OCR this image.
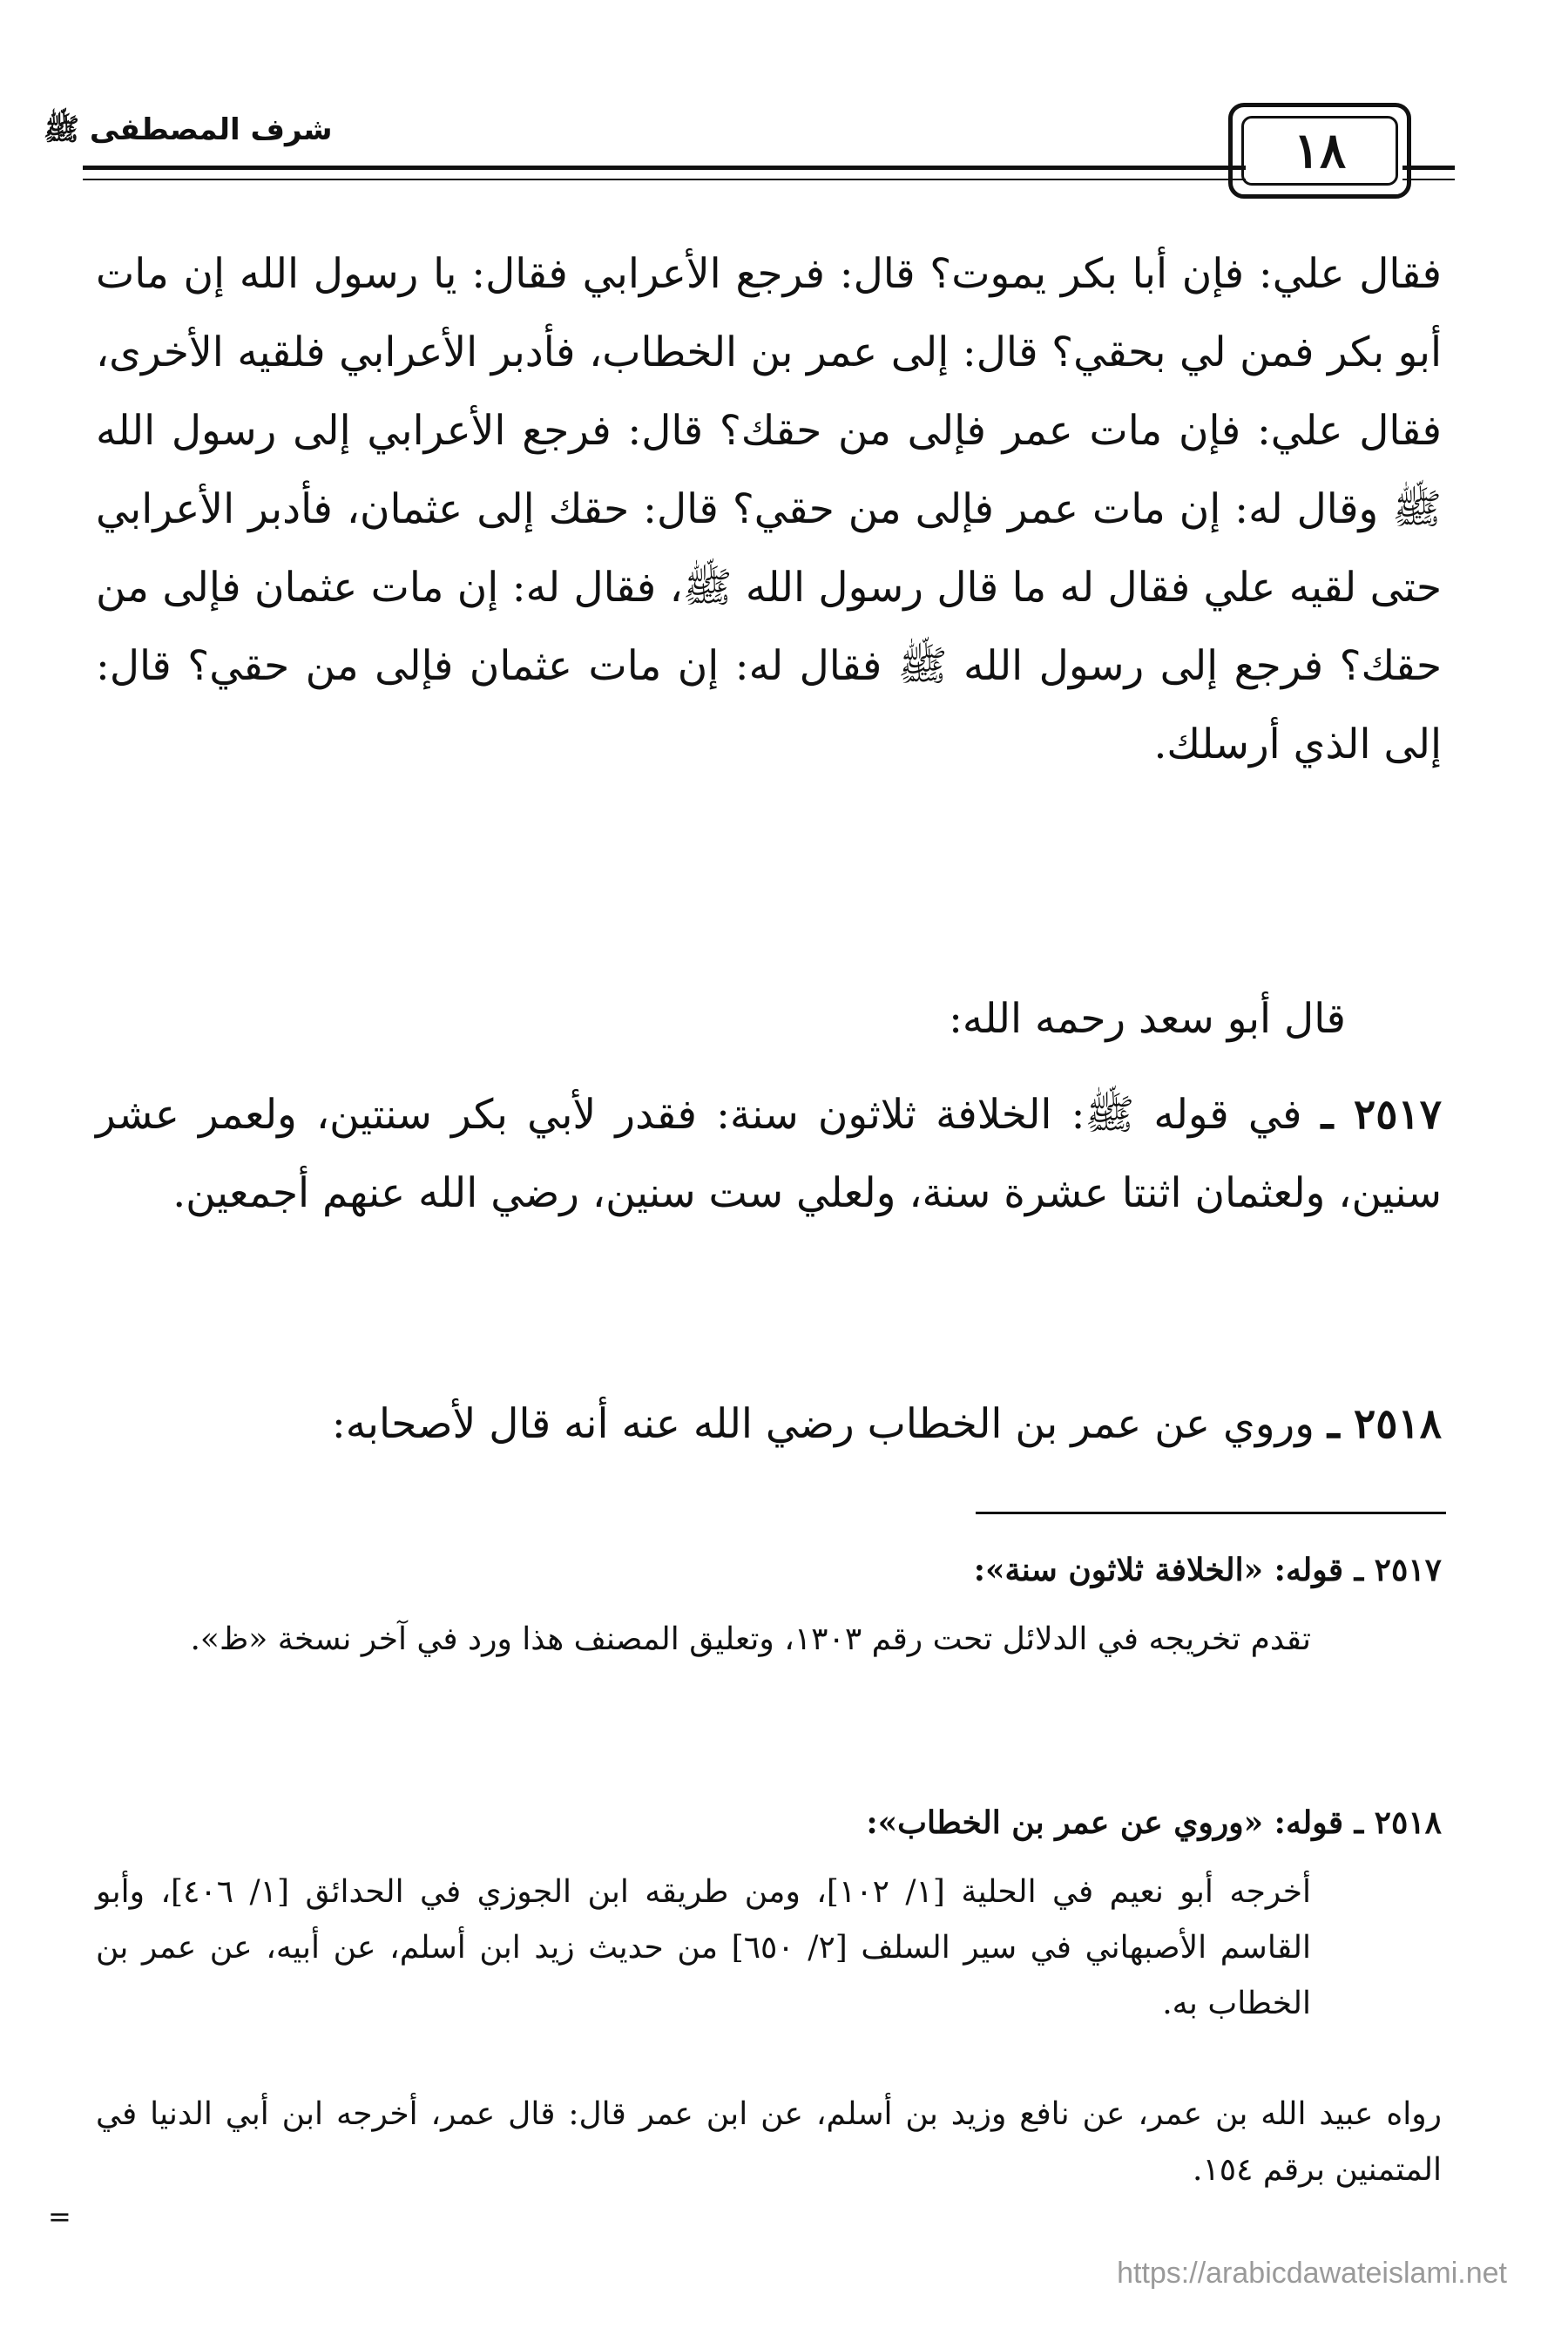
شرف المصطفى ﷺ	١٨
فقال علي: فإن أبا بكر يموت؟ قال: فرجع الأعرابي فقال: يا رسول الله إن مات أبو بكر فمن لي بحقي؟ قال: إلى عمر بن الخطاب، فأدبر الأعرابي فلقيه الأخرى، فقال علي: فإن مات عمر فإلى من حقك؟ قال: فرجع الأعرابي إلى رسول الله ﷺ وقال له: إن مات عمر فإلى من حقي؟ قال: حقك إلى عثمان، فأدبر الأعرابي حتى لقيه علي فقال له ما قال رسول الله ﷺ، فقال له: إن مات عثمان فإلى من حقك؟ فرجع إلى رسول الله ﷺ فقال له: إن مات عثمان فإلى من حقي؟ قال: إلى الذي أرسلك.
قال أبو سعد رحمه الله:
٢٥١٧ ـ في قوله ﷺ: الخلافة ثلاثون سنة: فقدر لأبي بكر سنتين، ولعمر عشر سنين، ولعثمان اثنتا عشرة سنة، ولعلي ست سنين، رضي الله عنهم أجمعين.
٢٥١٨ ـ وروي عن عمر بن الخطاب رضي الله عنه أنه قال لأصحابه:
٢٥١٧ ـ قوله: «الخلافة ثلاثون سنة»:
تقدم تخريجه في الدلائل تحت رقم ١٣٠٣، وتعليق المصنف هذا ورد في آخر نسخة «ظ».
٢٥١٨ ـ قوله: «وروي عن عمر بن الخطاب»:
أخرجه أبو نعيم في الحلية [١/ ١٠٢]، ومن طريقه ابن الجوزي في الحدائق [١/ ٤٠٦]، وأبو القاسم الأصبهاني في سير السلف [٢/ ٦٥٠] من حديث زيد ابن أسلم، عن أبيه، عن عمر بن الخطاب به.
رواه عبيد الله بن عمر، عن نافع وزيد بن أسلم، عن ابن عمر قال: قال عمر، أخرجه ابن أبي الدنيا في المتمنين برقم ١٥٤.
=
https://arabicdawateislami.net
